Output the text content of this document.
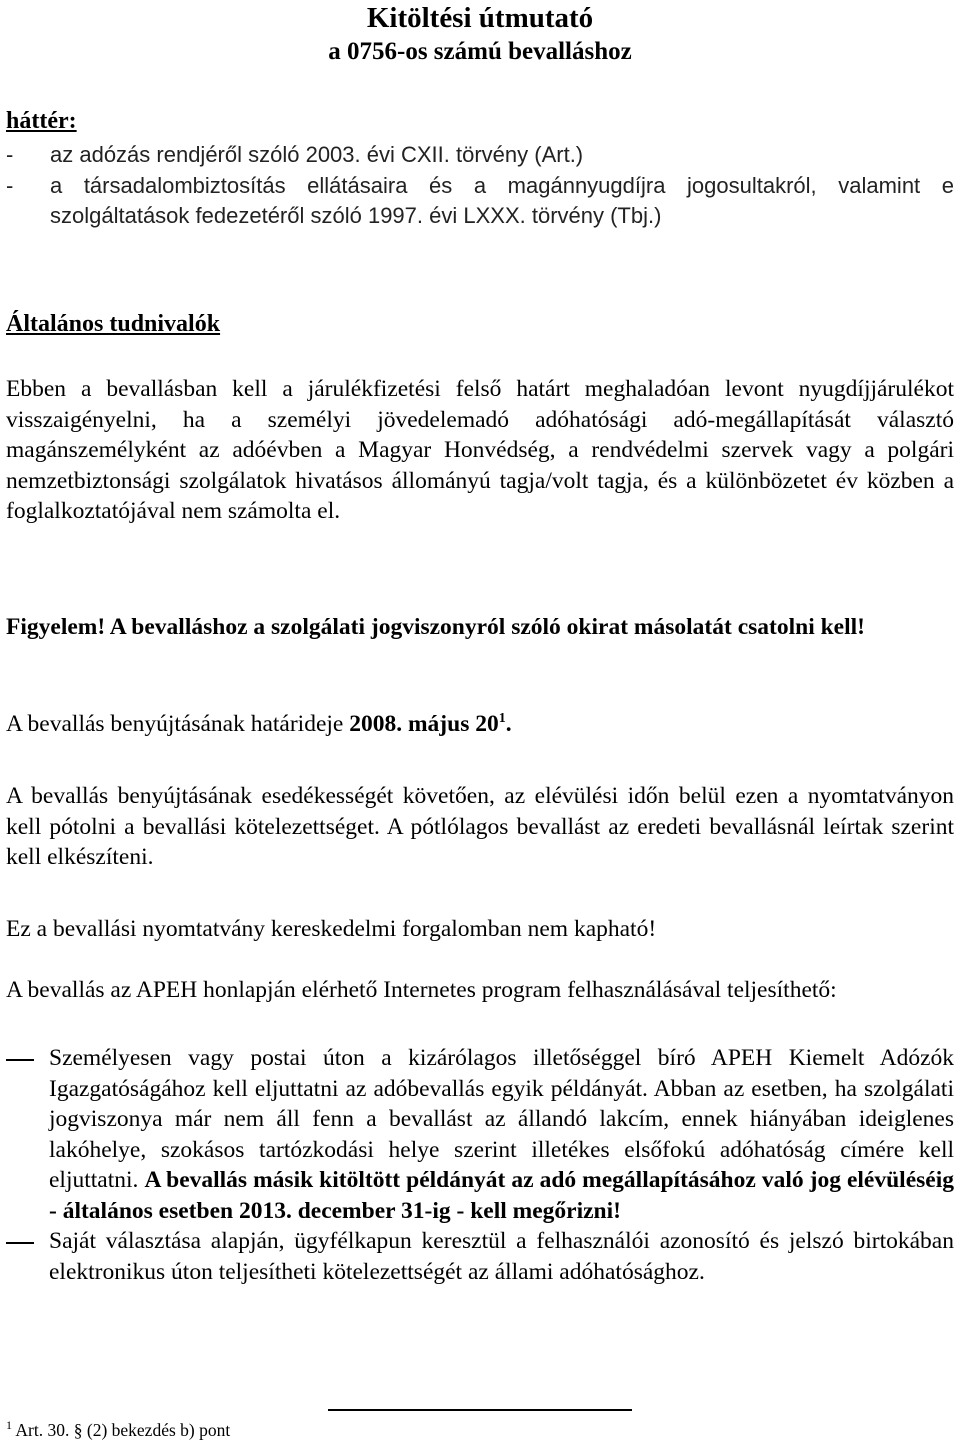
Kitöltési útmutató
a 0756-os számú bevalláshoz
háttér:
-	az adózás rendjéről szóló 2003. évi CXII. törvény (Art.)
-	a társadalombiztosítás ellátásaira és a magánnyugdíjra jogosultakról, valamint e szolgáltatások fedezetéről szóló 1997. évi LXXX. törvény (Tbj.)
Általános tudnivalók
Ebben a bevallásban kell a járulékfizetési felső határt meghaladóan levont nyugdíjjárulékot visszaigényelni, ha a személyi jövedelemadó adóhatósági adó-megállapítását választó magánszemélyként az adóévben a Magyar Honvédség, a rendvédelmi szervek vagy a polgári nemzetbiztonsági szolgálatok hivatásos állományú tagja/volt tagja, és a különbözetet év közben a foglalkoztatójával nem számolta el.
Figyelem! A bevalláshoz a szolgálati jogviszonyról szóló okirat másolatát csatolni kell!
A bevallás benyújtásának határideje 2008. május $20^1$.
A bevallás benyújtásának esedékességét követően, az elévülési időn belül ezen a nyomtatványon kell pótolni a bevallási kötelezettséget. A pótlólagos bevallást az eredeti bevallásnál leírtak szerint kell elkészíteni.
Ez a bevallási nyomtatvány kereskedelmi forgalomban nem kapható!
A bevallás az APEH honlapján elérhető Internetes program felhasználásával teljesíthető:
Személyesen vagy postai úton a kizárólagos illetőséggel bíró APEH Kiemelt Adózók Igazgatóságához kell eljuttatni az adóbevallás egyik példányát. Abban az esetben, ha szolgálati jogviszonya már nem áll fenn a bevallást az állandó lakcím, ennek hiányában ideiglenes lakóhelye, szokásos tartózkodási helye szerint illetékes elsőfokú adóhatóság címére kell eljuttatni. A bevallás másik kitöltött példányát az adó megállapításához való jog elévüléséig - általános esetben 2013. december 31-ig - kell megőrizni!
Saját választása alapján, ügyfélkapun keresztül a felhasználói azonosító és jelszó birtokában elektronikus úton teljesítheti kötelezettségét az állami adóhatósághoz.
$^1$ Art. 30. § (2) bekezdés b) pont
